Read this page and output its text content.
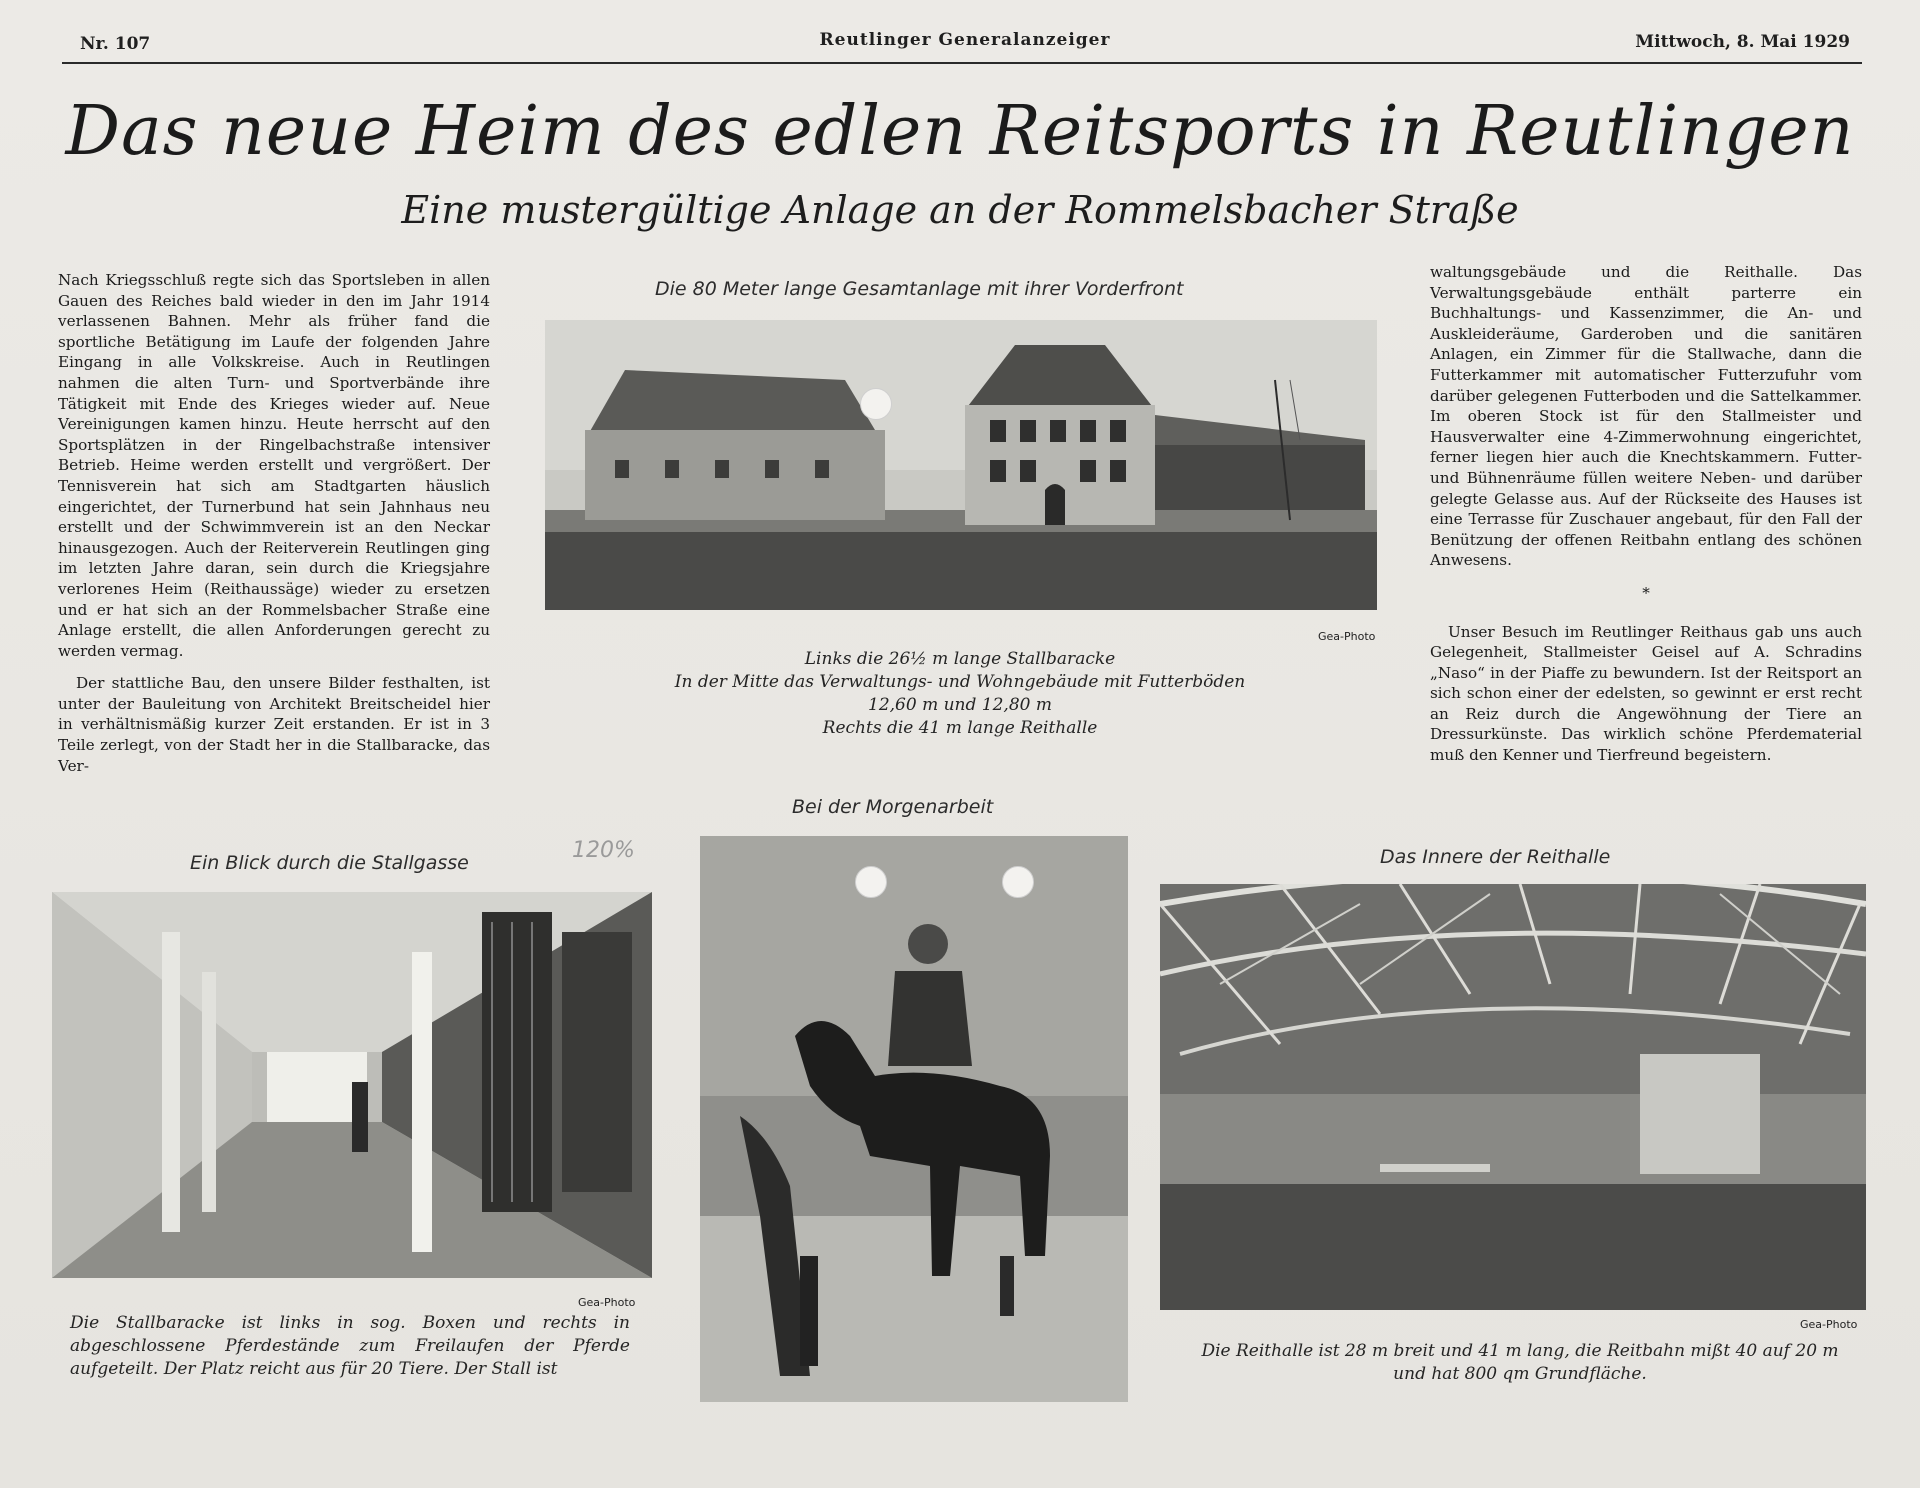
Nr. 107	Reutlinger Generalanzeiger	Mittwoch, 8. Mai 1929
Das neue Heim des edlen Reitsports in Reutlingen
Eine mustergültige Anlage an der Rommelsbacher Straße

Nach Kriegsschluß regte sich das Sportsleben in allen Gauen des Reiches bald wieder in den im Jahr 1914 verlassenen Bahnen. Mehr als früher fand die sportliche Betätigung im Laufe der folgenden Jahre Eingang in alle Volkskreise. Auch in Reutlingen nahmen die alten Turn- und Sportverbände ihre Tätigkeit mit Ende des Krieges wieder auf. Neue Vereinigungen kamen hinzu. Heute herrscht auf den Sportsplätzen in der Ringelbachstraße intensiver Betrieb. Heime werden erstellt und vergrößert. Der Tennisverein hat sich am Stadtgarten häuslich eingerichtet, der Turnerbund hat sein Jahnhaus neu erstellt und der Schwimmverein ist an den Neckar hinausgezogen. Auch der Reiterverein Reutlingen ging im letzten Jahre daran, sein durch die Kriegsjahre verlorenes Heim (Reithaussäge) wieder zu ersetzen und er hat sich an der Rommelsbacher Straße eine Anlage erstellt, die allen Anforderungen gerecht zu werden vermag.

Der stattliche Bau, den unsere Bilder festhalten, ist unter der Bauleitung von Architekt Breitscheidel hier in verhältnismäßig kurzer Zeit erstanden. Er ist in 3 Teile zerlegt, von der Stadt her in die Stallbaracke, das Ver-

waltungsgebäude und die Reithalle. Das Verwaltungsgebäude enthält parterre ein Buchhaltungs- und Kassenzimmer, die An- und Auskleideräume, Garderoben und die sanitären Anlagen, ein Zimmer für die Stallwache, dann die Futterkammer mit automatischer Futterzufuhr vom darüber gelegenen Futterboden und die Sattelkammer. Im oberen Stock ist für den Stallmeister und Hausverwalter eine 4-Zimmerwohnung eingerichtet, ferner liegen hier auch die Knechtskammern. Futter- und Bühnenräume füllen weitere Neben- und darüber gelegte Gelasse aus. Auf der Rückseite des Hauses ist eine Terrasse für Zuschauer angebaut, für den Fall der Benützung der offenen Reitbahn entlang des schönen Anwesens.

*

Unser Besuch im Reutlinger Reithaus gab uns auch Gelegenheit, Stallmeister Geisel auf A. Schradins „Naso“ in der Piaffe zu bewundern. Ist der Reitsport an sich schon einer der edelsten, so gewinnt er erst recht an Reiz durch die Angewöhnung der Tiere an Dressurkünste. Das wirklich schöne Pferdematerial muß den Kenner und Tierfreund begeistern.

Die 80 Meter lange Gesamtanlage mit ihrer Vorderfront
Gea-Photo
Links die 26½ m lange Stallbaracke
In der Mitte das Verwaltungs- und Wohngebäude mit Futterböden
12,60 m und 12,80 m
Rechts die 41 m lange Reithalle
Bei der Morgenarbeit
Ein Blick durch die Stallgasse	120%
Gea-Photo
Die Stallbaracke ist links in sog. Boxen und rechts in abgeschlossene Pferdestände zum Freilaufen der Pferde aufgeteilt. Der Platz reicht aus für 20 Tiere. Der Stall ist
Das Innere der Reithalle
Gea-Photo
Die Reithalle ist 28 m breit und 41 m lang, die Reitbahn mißt 40 auf 20 m und hat 800 qm Grundfläche.
